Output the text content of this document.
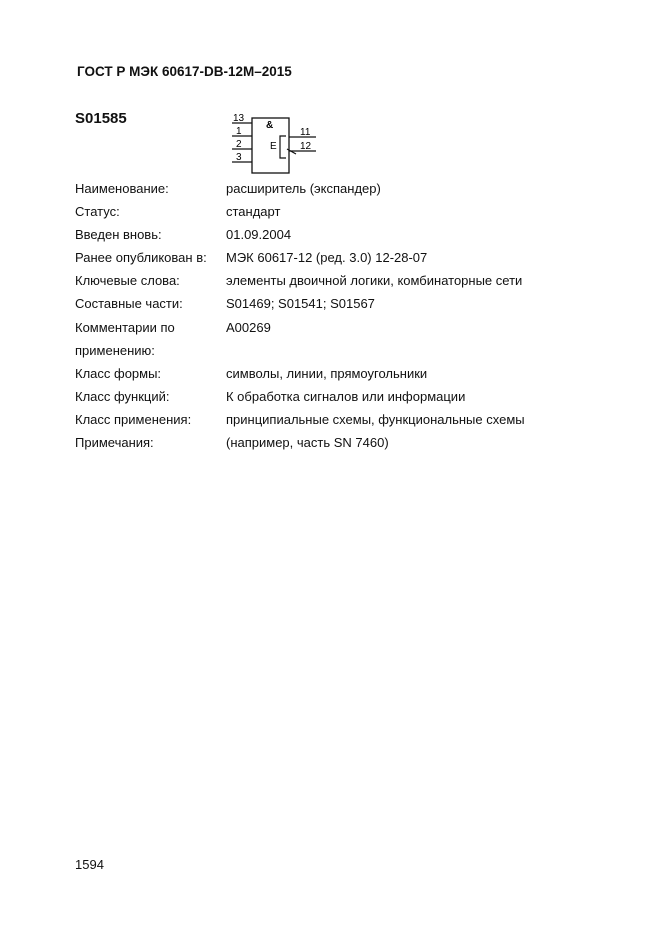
ГОСТ Р МЭК 60617-DB-12M–2015
S01585	&
E
13
1
2
3
11
12
Наименование:	расширитель (экспандер)
Статус:	стандарт
Введен вновь:	01.09.2004
Ранее опубликован в:	МЭК 60617-12 (ред. 3.0) 12-28-07
Ключевые слова:	элементы двоичной логики, комбинаторные сети
Составные части:	S01469; S01541; S01567
Комментарии по	A00269
применению:
Класс формы:	символы, линии, прямоугольники
Класс функций:	К обработка сигналов или информации
Класс применения:	принципиальные схемы, функциональные схемы
Примечания:	(например, часть SN 7460)
1594
